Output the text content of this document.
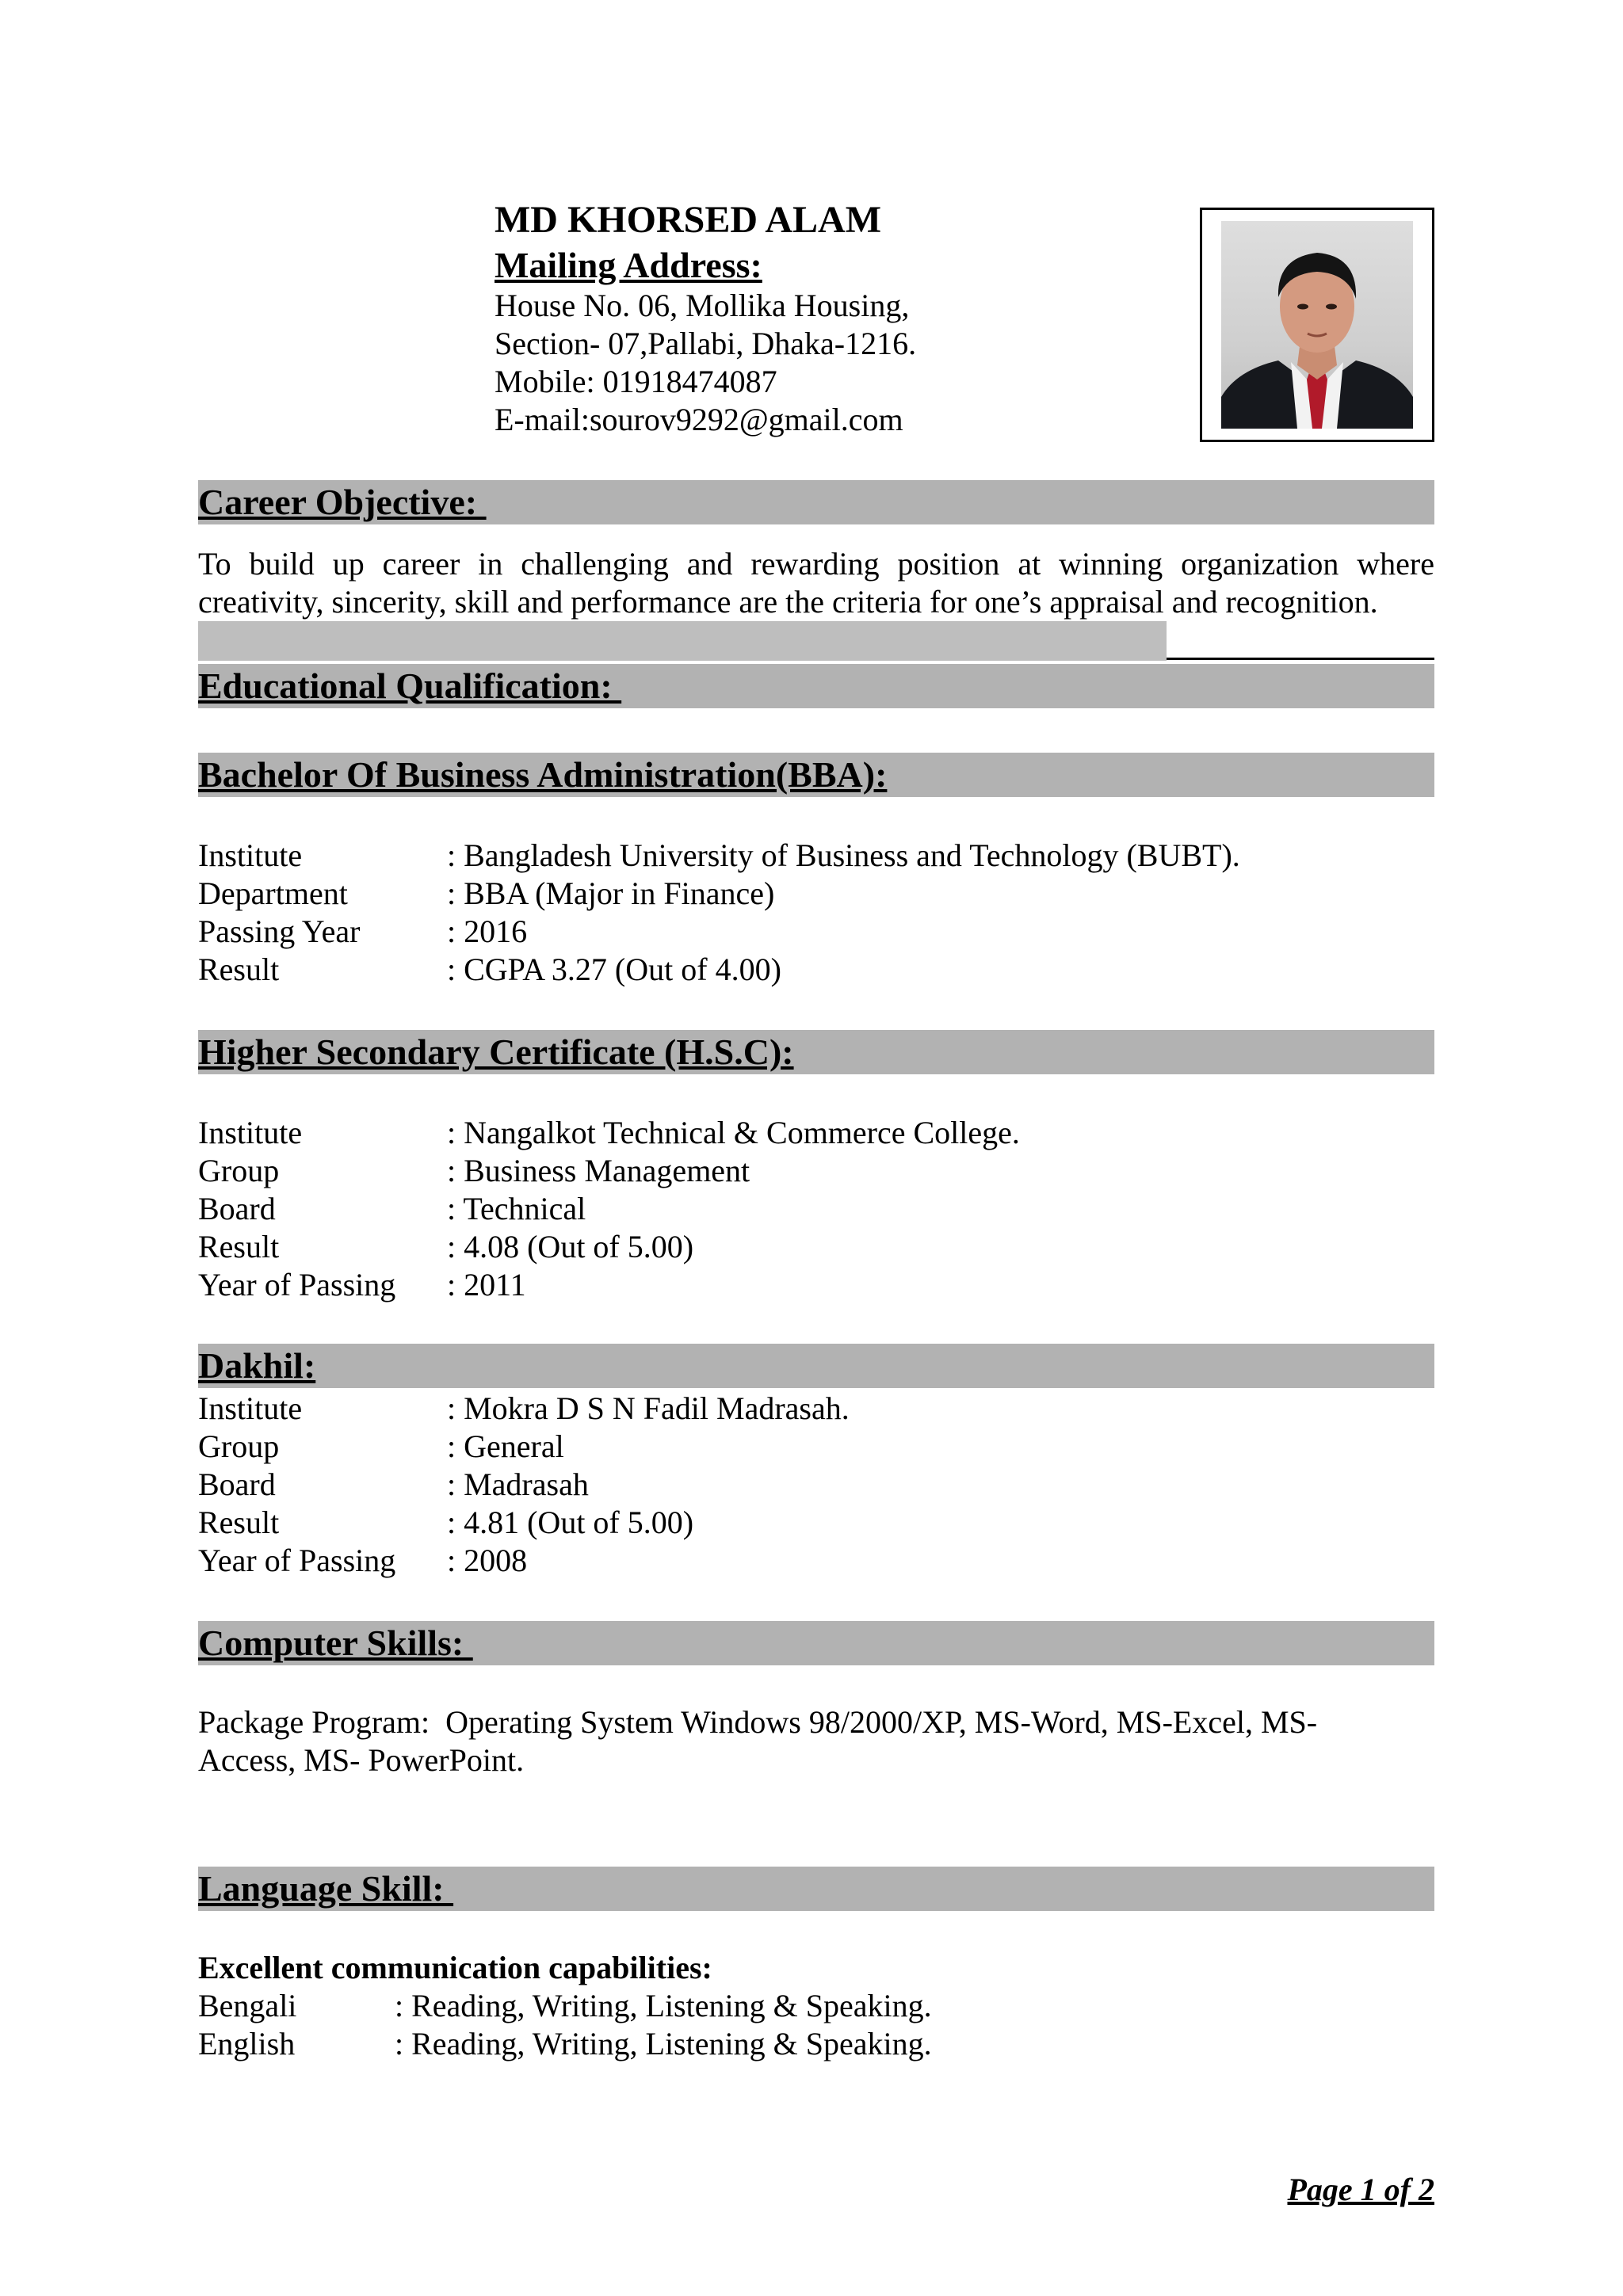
MD KHORSED ALAM
Mailing Address:
House No. 06, Mollika Housing,
Section- 07,Pallabi, Dhaka-1216.
Mobile: 01918474087
E-mail:sourov9292@gmail.com
Career Objective:
To build up career in challenging and rewarding position at winning organization where creativity, sincerity, skill and performance are the criteria for one’s appraisal and recognition.
Educational Qualification:
Bachelor Of Business Administration(BBA):
Institute	: Bangladesh University of Business and Technology (BUBT).
Department	: BBA (Major in Finance)
Passing Year	: 2016
Result	: CGPA 3.27 (Out of 4.00)
Higher Secondary Certificate (H.S.C):
Institute	: Nangalkot Technical & Commerce College.
Group	: Business Management
Board	: Technical
Result	: 4.08 (Out of 5.00)
Year of Passing : 2011
Dakhil:
Institute	: Mokra D S N Fadil Madrasah.
Group	: General
Board	: Madrasah
Result	: 4.81 (Out of 5.00)
Year of Passing : 2008
Computer Skills:
Package Program:  Operating System Windows 98/2000/XP, MS-Word, MS-Excel, MS-
Access, MS- PowerPoint.
Language Skill:
Excellent communication capabilities:
Bengali	: Reading, Writing, Listening & Speaking.
English	: Reading, Writing, Listening & Speaking.
Page 1 of 2
